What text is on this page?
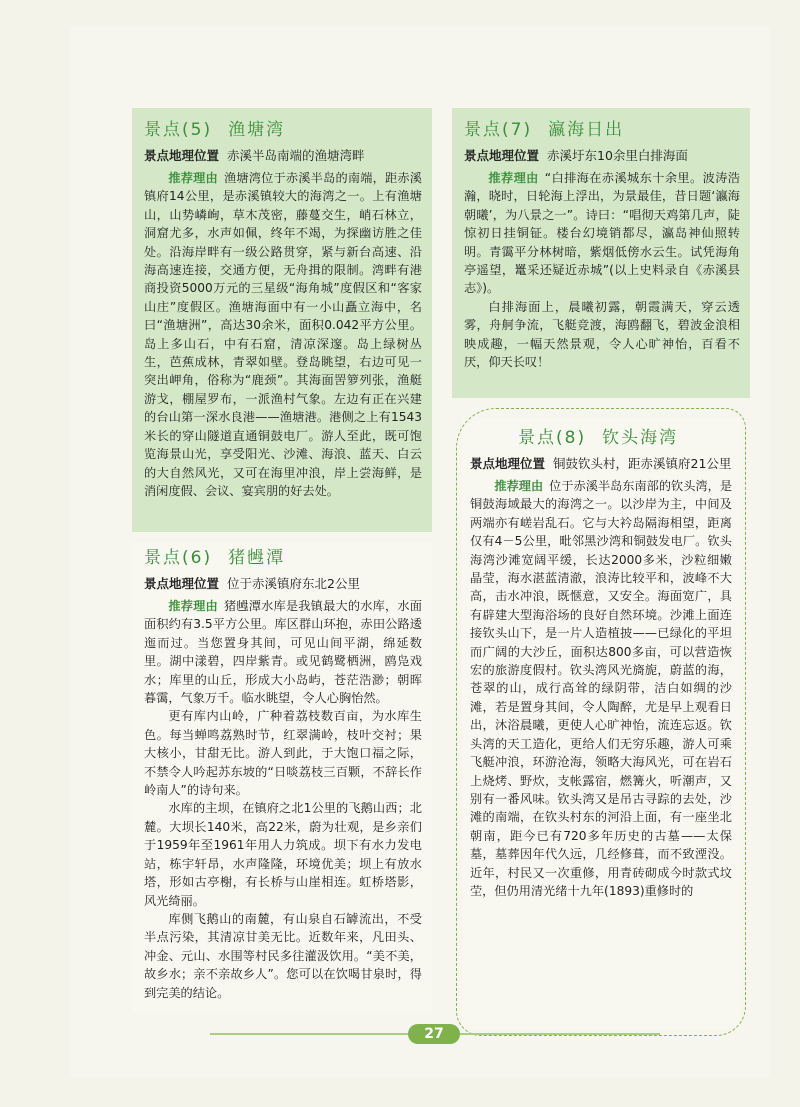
景点(5) 渔塘湾
景点地理位置 赤溪半岛南端的渔塘湾畔

推荐理由 渔塘湾位于赤溪半岛的南端，距赤溪镇府14公里，是赤溪镇较大的海湾之一。上有渔塘山，山势嶙峋，草木茂密，藤蔓交生，峭石林立，洞窟尤多，水声如佩，终年不竭，为探幽访胜之佳处。沿海岸畔有一级公路贯穿，紧与新台高速、沿海高速连接，交通方便，无舟揖的限制。湾畔有港商投资5000万元的三星级“海角城”度假区和“客家山庄”度假区。渔塘海面中有一小山矗立海中，名曰“渔塘洲”，高达30余米，面积0.042平方公里。岛上多山石，中有石窟，清凉深邃。岛上绿树丛生，芭蕉成林，青翠如壁。登岛眺望，右边可见一突出岬角，俗称为“鹿颈”。其海面罟箩列张，渔艇游戈，棚屋罗布，一派渔村气象。左边有正在兴建的台山第一深水良港——渔塘港。港侧之上有1543米长的穿山隧道直通铜鼓电厂。游人至此，既可饱览海景山光，享受阳光、沙滩、海浪、蓝天、白云的大自然风光，又可在海里冲浪，岸上尝海鲜，是消闲度假、会议、宴宾朋的好去处。

景点(6) 猪乸潭
景点地理位置 位于赤溪镇府东北2公里

推荐理由 猪乸潭水库是我镇最大的水库，水面面积约有3.5平方公里。库区群山环抱，赤田公路逶迤而过。当您置身其间，可见山间平湖，绵延数里。湖中漾碧，四岸紫青。或见鹤鹭栖洲，鸥凫戏水；库里的山丘，形成大小岛屿，苍茫浩渺；朝晖暮霭，气象万千。临水眺望，令人心胸怡然。

更有库内山岭，广种着荔枝数百亩，为水库生色。每当蝉鸣荔熟时节，红翠满岭，枝叶交衬；果大核小，甘甜无比。游人到此，于大饱口福之际，不禁令人吟起苏东坡的“日啖荔枝三百颗，不辞长作岭南人”的诗句来。

水库的主坝，在镇府之北1公里的飞鹅山西；北麓。大坝长140米，高22米，蔚为壮观，是乡亲们于1959年至1961年用人力筑成。坝下有水力发电站，栋宇轩昂，水声隆隆，环境优美；坝上有放水塔，形如古亭榭，有长桥与山崖相连。虹桥塔影，风光绮丽。

库侧飞鹅山的南麓，有山泉自石罅流出，不受半点污染，其清凉甘美无比。近数年来，凡田头、冲金、元山、水围等村民多往灌汲饮用。“美不美，故乡水；亲不亲故乡人”。您可以在饮喝甘泉时，得到完美的结论。

景点(7) 瀛海日出
景点地理位置 赤溪圩东10余里白排海面

推荐理由 “白排海在赤溪城东十余里。波涛浩瀚，晓时，日轮海上浮出，为景最佳，昔日题‘瀛海朝曦’，为八景之一”。诗曰：“唱彻天鸡第几声，陡惊初日挂铜钲。楼台幻境销都尽，瀛岛神仙照转明。青霭平分林树暗，紫烟低傍水云生。试凭海角亭遥望，鼍采还疑近赤城”(以上史料录自《赤溪县志》)。

白排海面上，晨曦初露，朝霞满天，穿云透雾，舟舸争流，飞艇竞渡，海鸥翻飞，碧波金浪相映成趣，一幅天然景观，令人心旷神怡，百看不厌，仰天长叹！

景点(8) 钦头海湾
景点地理位置 铜鼓钦头村，距赤溪镇府21公里

推荐理由 位于赤溪半岛东南部的钦头湾，是铜鼓海域最大的海湾之一。以沙岸为主，中间及两端亦有嵯岩乱石。它与大衿岛隔海相望，距离仅有4－5公里，毗邻黑沙湾和铜鼓发电厂。钦头海湾沙滩宽阔平缓，长达2000多米，沙粒细嫩晶莹，海水湛蓝清澈，浪涛比较平和，波峰不大高，击水冲浪，既惬意，又安全。海面宽广，具有辟建大型海浴场的良好自然环境。沙滩上面连接钦头山下，是一片人造植披——已绿化的平坦而广阔的大沙丘，面积达800多亩，可以营造恢宏的旅游度假村。钦头湾风光旖旎，蔚蓝的海，苍翠的山，成行高耸的绿阴带，洁白如绸的沙滩，若是置身其间，令人陶醉，尤是早上观看日出，沐浴晨曦，更使人心旷神怡，流连忘返。钦头湾的天工造化，更给人们无穷乐趣，游人可乘飞艇冲浪，环游沧海，领略大海风光，可在岩石上烧烤、野炊，支帐露宿，燃篝火，听潮声，又别有一番风味。钦头湾又是吊古寻踪的去处，沙滩的南端，在钦头村东的河沿上面，有一座坐北朝南，距今已有720多年历史的古墓——太保墓，墓葬因年代久远，几经修葺，而不致湮没。近年，村民又一次重修，用青砖砌成今时款式坟茔，但仍用清光绪十九年(1893)重修时的

27
